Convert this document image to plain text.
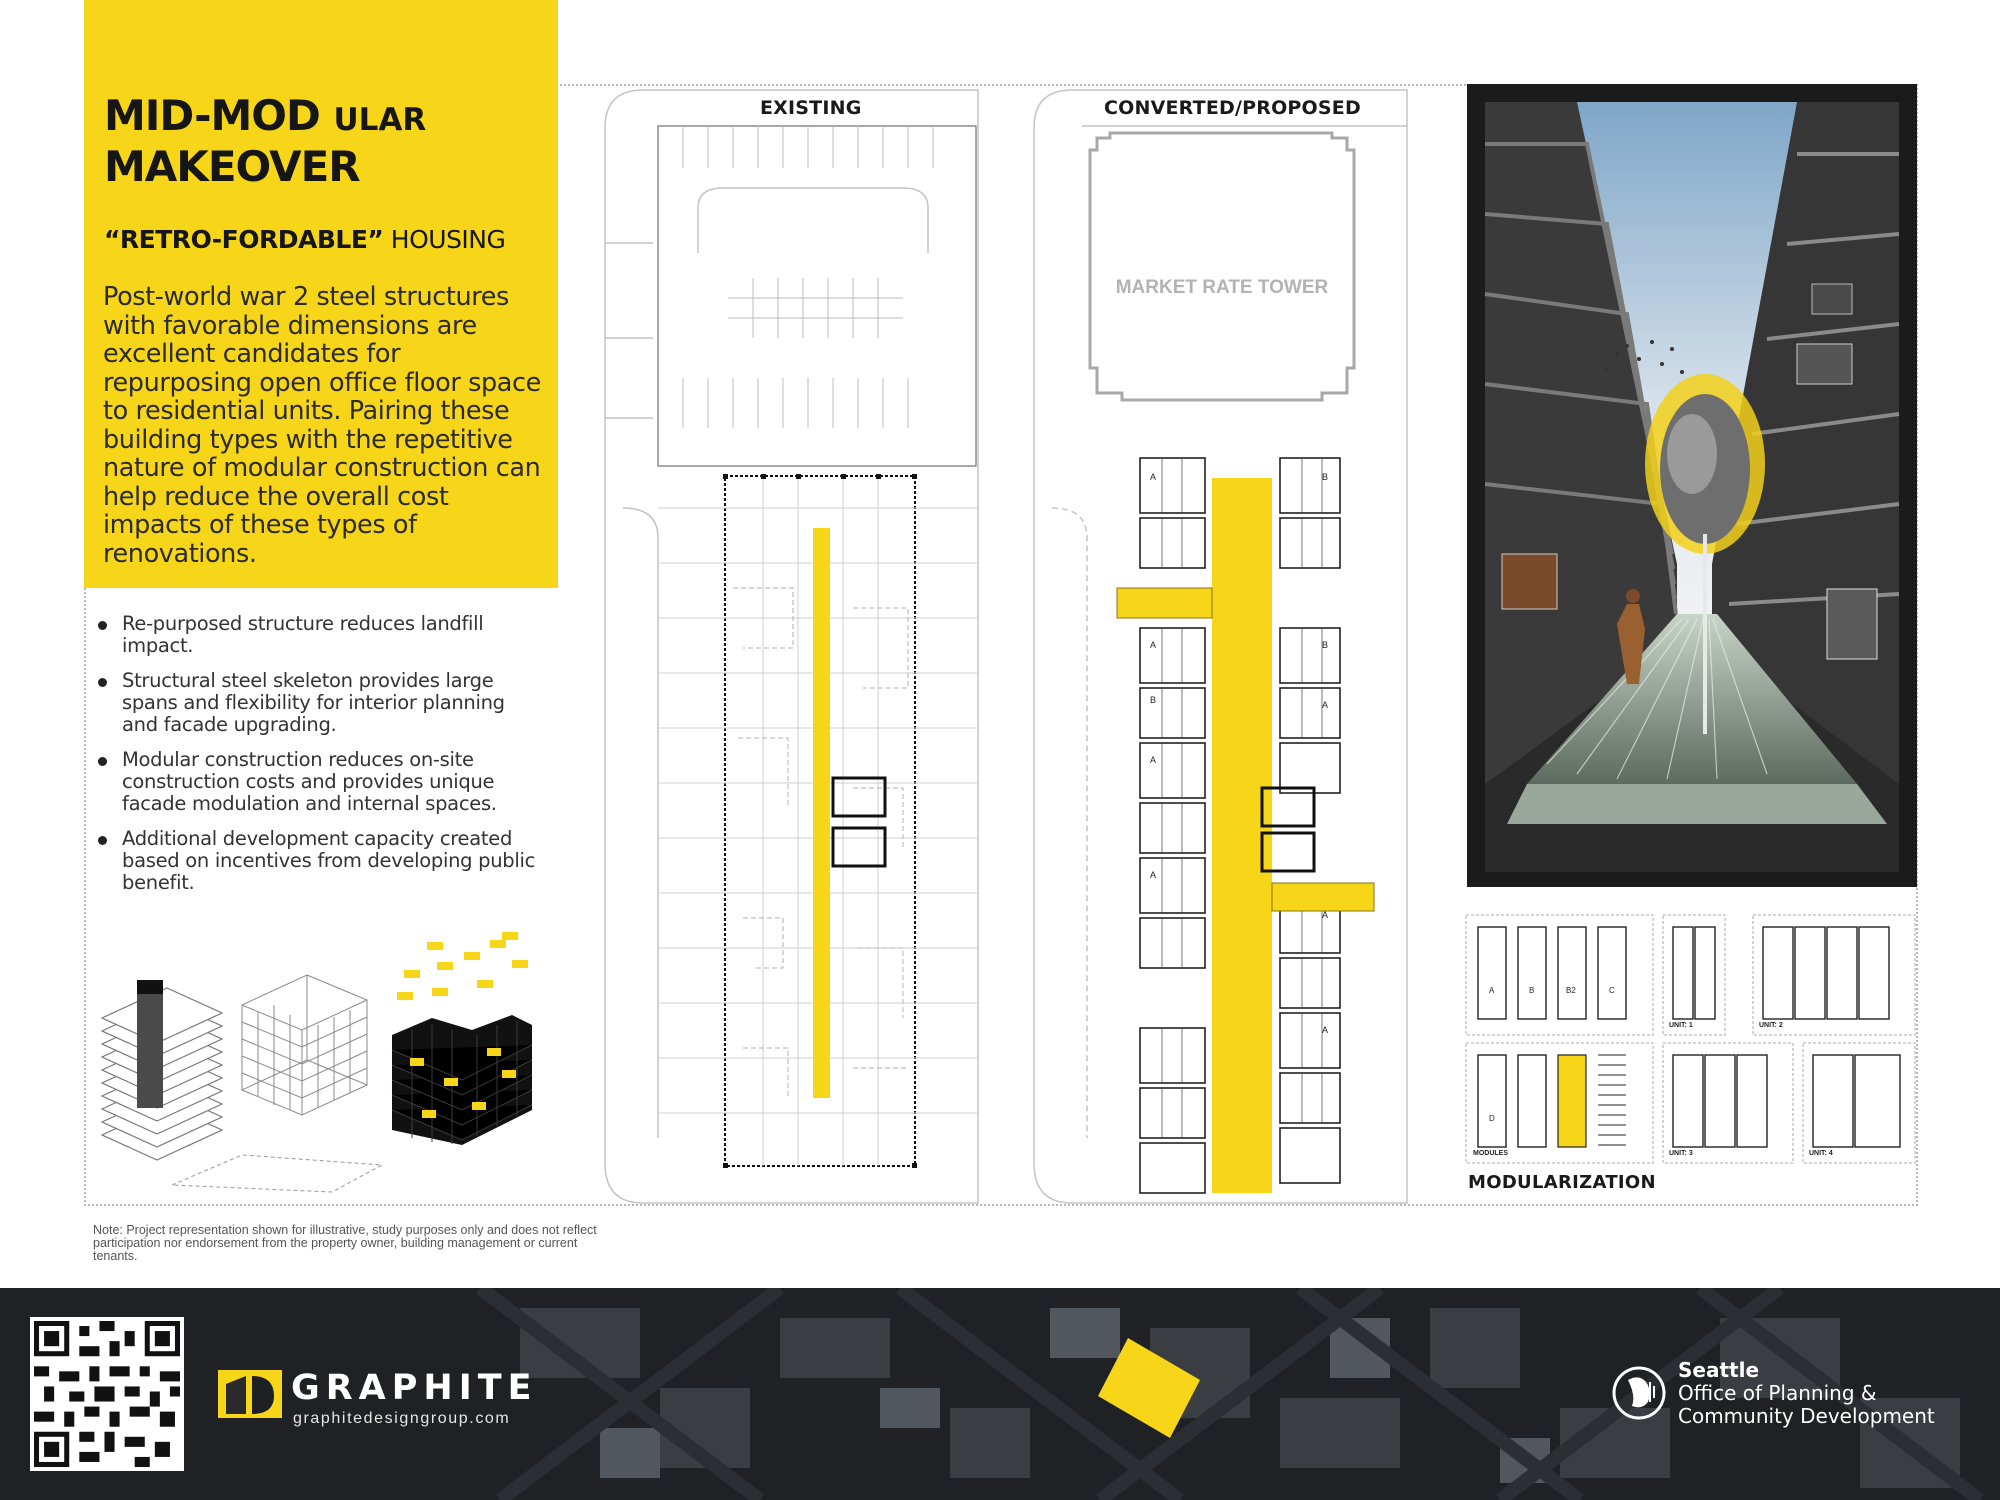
MID-MOD ULAR
MAKEOVER
“RETRO-FORDABLE” HOUSING
Post-world war 2 steel structures with favorable dimensions are excellent candidates for repurposing open office floor space to residential units. Pairing these building types with the repetitive nature of modular construction can help reduce the overall cost impacts of these types of renovations.
Re-purposed structure reduces landfill impact.
Structural steel skeleton provides large spans and flexibility for interior planning and facade upgrading.
Modular construction reduces on-site construction costs and provides unique facade modulation and internal spaces.
Additional development capacity created based on incentives from developing public benefit.
Note: Project representation shown for illustrative, study purposes only and does not reflect participation nor endorsement from the property owner, building management or current tenants.
EXISTING	CONVERTED/PROPOSED
MARKET RATE TOWER
A
A
B
A
A
B
B
A
A
A
A	B	B2	C
D
MODULES
UNIT: 1	UNIT: 2
UNIT: 3	UNIT: 4
MODULARIZATION
GRAPHITE
graphitedesigngroup.com
Seattle
Office of Planning &
Community Development
